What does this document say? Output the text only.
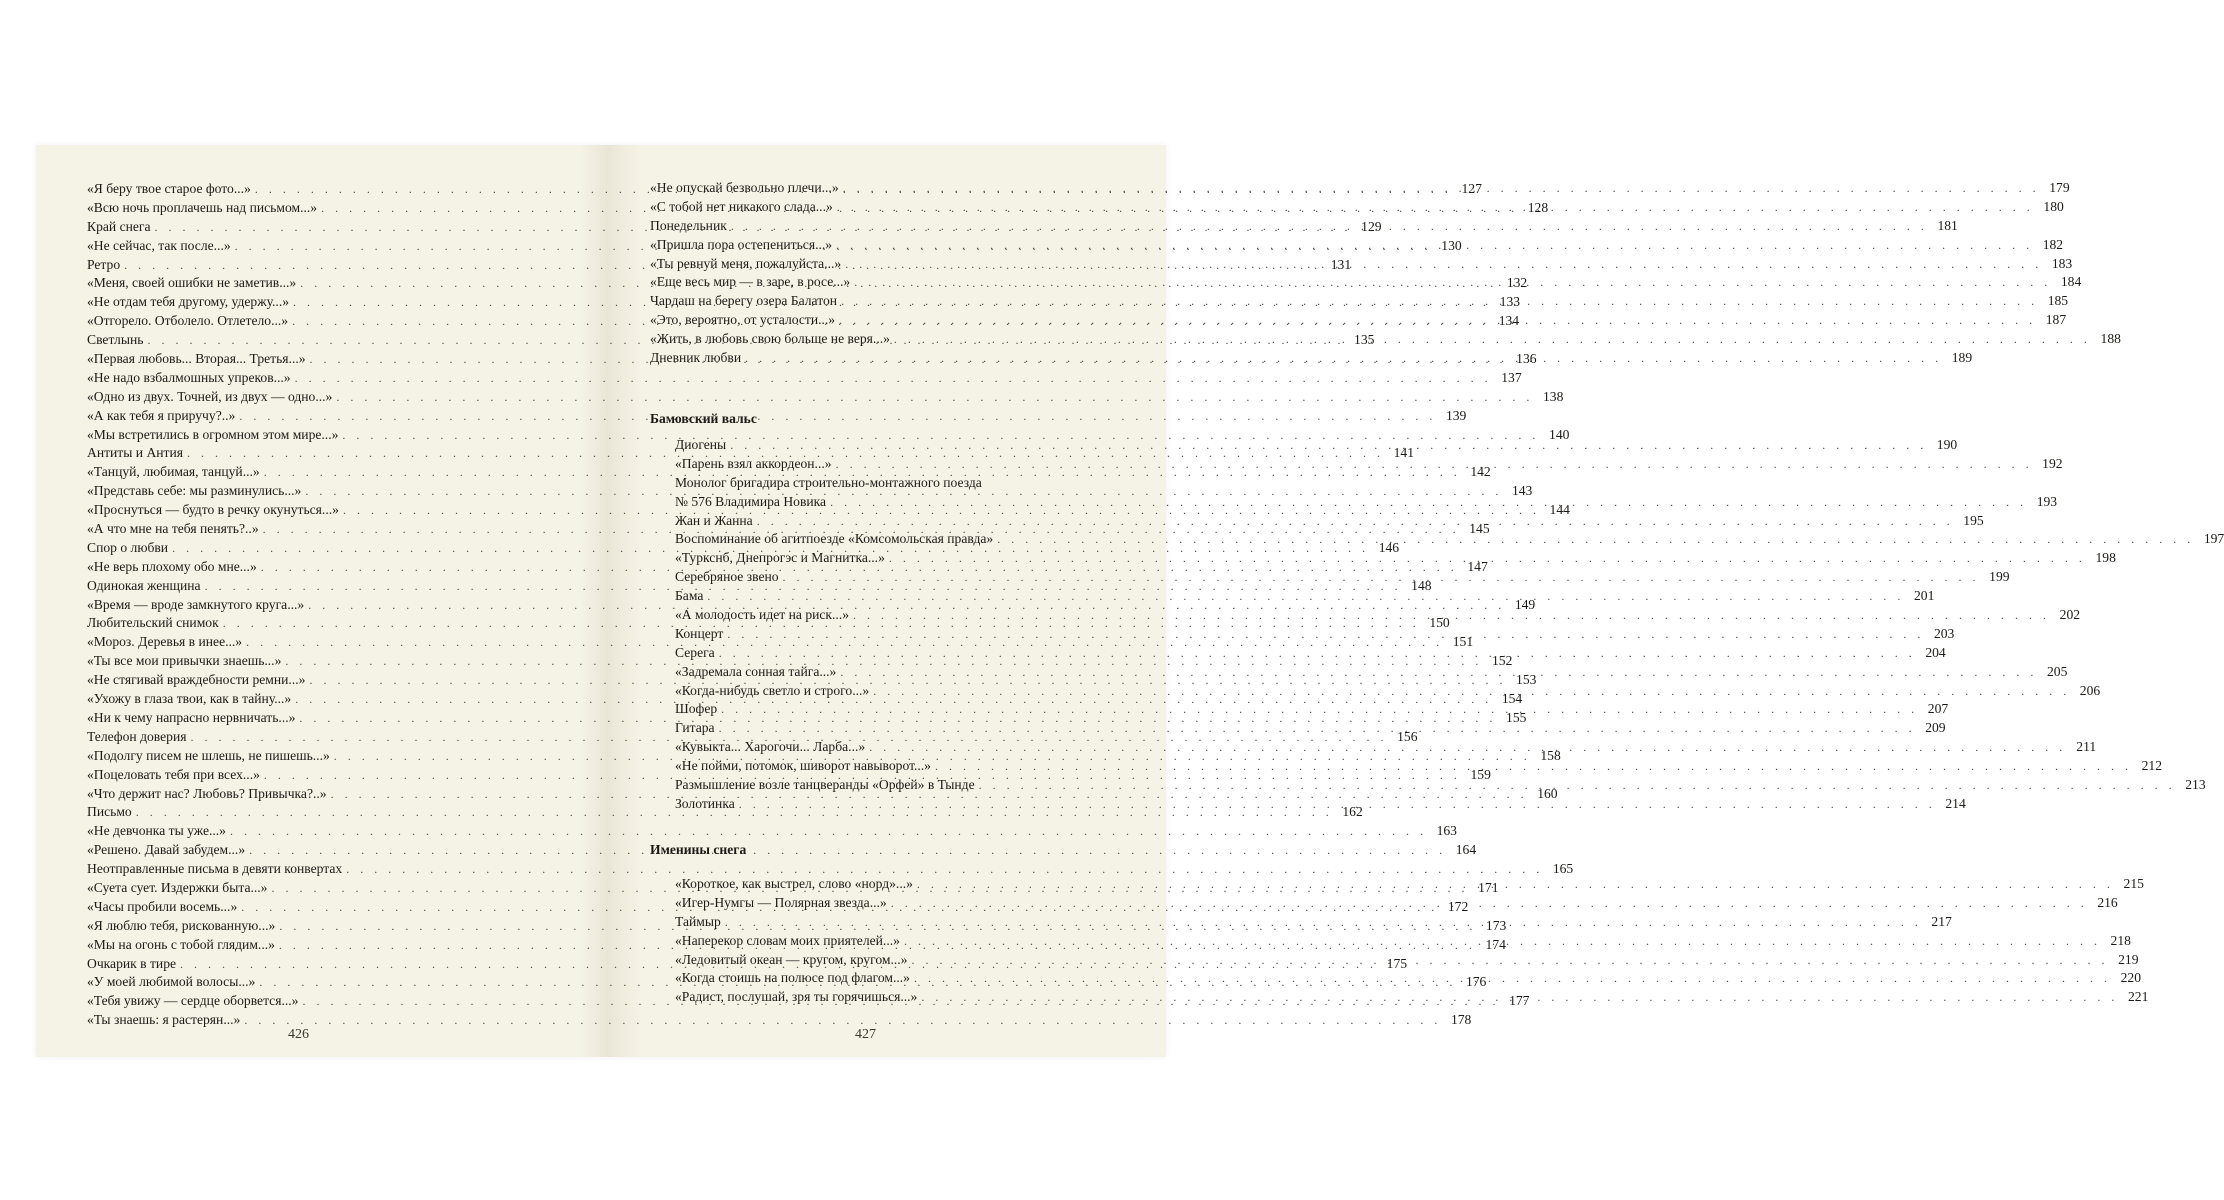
«Я беру твое старое фото...» . . .	127
«Всю ночь проплачешь над письмом...» . . .	128
Край снега . . .	129
«Не сейчас, так после...» . . .	130
Ретро . . .	131
«Меня, своей ошибки не заметив...» . . .	132
«Не отдам тебя другому, удержу...» . . .	133
«Отгорело. Отболело. Отлетело...» . . .	134
Светлынь . . .	135
«Первая любовь... Вторая... Третья...» . . .	136
«Не надо взбалмошных упреков...» . . .	137
«Одно из двух. Точней, из двух — одно...» . . .	138
«А как тебя я приручу?..» . . .	139
«Мы встретились в огромном этом мире...» . . .	140
Антиты и Антия . . .	141
«Танцуй, любимая, танцуй...» . . .	142
«Представь себе: мы разминулись...» . . .	143
«Проснуться — будто в речку окунуться...» . . .	144
«А что мне на тебя пенять?..» . . .	145
Спор о любви . . .	146
«Не верь плохому обо мне...» . . .	147
Одинокая женщина . . .	148
«Время — вроде замкнутого круга...» . . .	149
Любительский снимок . . .	150
«Мороз. Деревья в инее...» . . .	151
«Ты все мои привычки знаешь...» . . .	152
«Не стягивай враждебности ремни...» . . .	153
«Ухожу в глаза твои, как в тайну...» . . .	154
«Ни к чему напрасно нервничать...» . . .	155
Телефон доверия . . .	156
«Подолгу писем не шлешь, не пишешь...» . . .	158
«Поцеловать тебя при всех...» . . .	159
«Что держит нас? Любовь? Привычка?..» . . .	160
Письмо . . .	162
«Не девчонка ты уже...» . . .	163
«Решено. Давай забудем...» . . .	164
Неотправленные письма в девяти конвертах . . .	165
«Суета сует. Издержки быта...» . . .	171
«Часы пробили восемь...» . . .	172
«Я люблю тебя, рискованную...» . . .	173
«Мы на огонь с тобой глядим...» . . .	174
Очкарик в тире . . .	175
«У моей любимой волосы...» . . .	176
«Тебя увижу — сердце оборвется...» . . .	177
«Ты знаешь: я растерян...» . . .	178
«Не опускай безвольно плечи...» . . .	179
«С тобой нет никакого слада...» . . .	180
Понедельник . . .	181
«Пришла пора остепениться...» . . .	182
«Ты ревнуй меня, пожалуйста...» . . .	183
«Еще весь мир — в заре, в росе...» . . .	184
Чардаш на берегу озера Балатон . . .	185
«Это, вероятно, от усталости...» . . .	187
«Жить, в любовь свою больше не веря...» . . .	188
Дневник любви . . .	189
Бамовский вальс
Диогены . . .	190
«Парень взял аккордеон...» . . .	192
Монолог бригадира строительно-монтажного поезда
№ 576 Владимира Новика . . .	193
Жан и Жанна . . .	195
Воспоминание об агитпоезде «Комсомольская правда» . . .	197
«Туркснб, Днепрогэс и Магнитка...» . . .	198
Серебряное звено . . .	199
Бама . . .	201
«А молодость идет на риск...» . . .	202
Концерт . . .	203
Серега . . .	204
«Задремала сонная тайга...» . . .	205
«Когда-нибудь светло и строго...» . . .	206
Шофер . . .	207
Гитара . . .	209
«Кувыкта... Харогочи... Ларба...» . . .	211
«Не пойми, потомок, шиворот навыворот...» . . .	212
Размышление возле танцверанды «Орфей» в Тынде . . .	213
Золотинка . . .	214
Именины снега
«Короткое, как выстрел, слово «норд»...» . . .	215
«Игер-Нумгы — Полярная звезда...» . . .	216
Таймыр . . .	217
«Наперекор словам моих приятелей...» . . .	218
«Ледовитый океан — кругом, кругом...» . . .	219
«Когда стоишь на полюсе под флагом...» . . .	220
«Радист, послушай, зря ты горячишься...» . . .	221
426	427
